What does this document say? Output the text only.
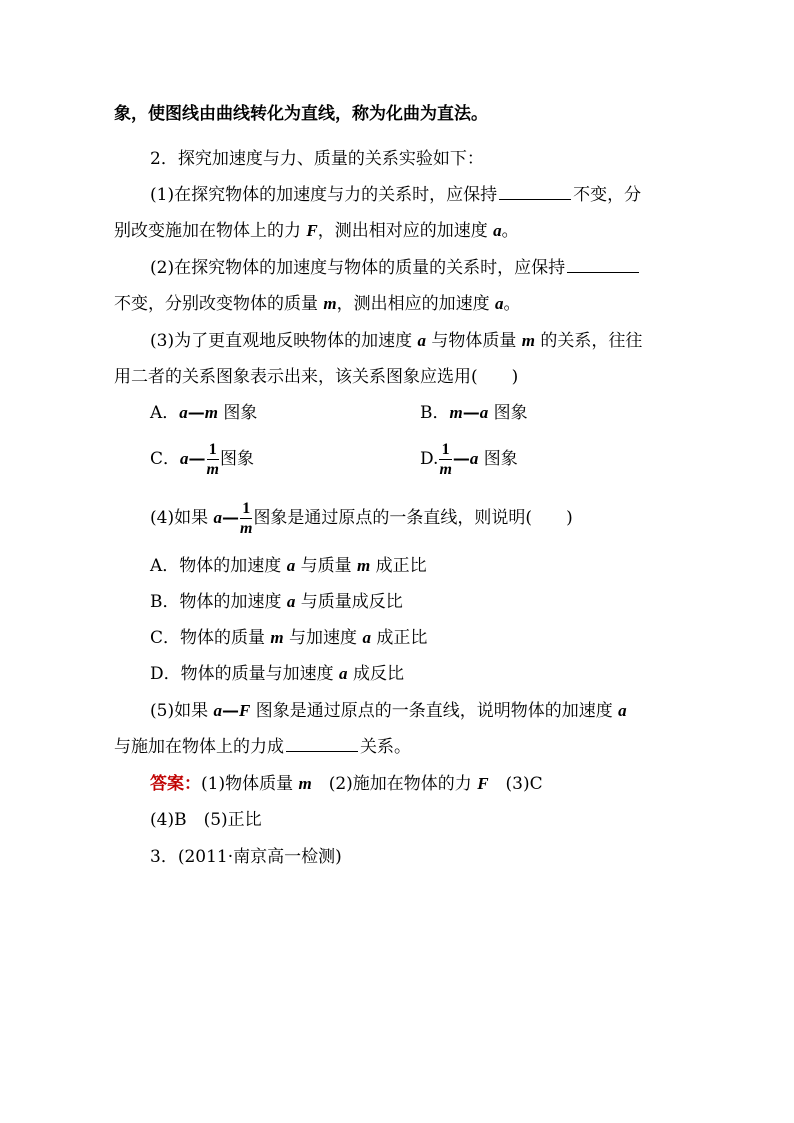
象，使图线由曲线转化为直线，称为化曲为直法。
2．探究加速度与力、质量的关系实验如下：
(1)在探究物体的加速度与力的关系时，应保持	不变，分
别改变施加在物体上的力 F，测出相对应的加速度 a。
(2)在探究物体的加速度与物体的质量的关系时，应保持
不变，分别改变物体的质量 m，测出相应的加速度 a。
(3)为了更直观地反映物体的加速度 a 与物体质量 m 的关系，往往
用二者的关系图象表示出来，该关系图象应选用( )
A．a—m 图象	B．m—a 图象
C．a— $\frac{1}{m}$ 图象	D. $\frac{1}{m}$ —a 图象
(4)如果 a— $\frac{1}{m}$ 图象是通过原点的一条直线，则说明( )
A．物体的加速度 a 与质量 m 成正比
B．物体的加速度 a 与质量成反比
C．物体的质量 m 与加速度 a 成正比
D．物体的质量与加速度 a 成反比
(5)如果 a—F 图象是通过原点的一条直线，说明物体的加速度 a
与施加在物体上的力成	关系。
答案：(1)物体质量 m　(2)施加在物体的力 F　(3)C
(4)B　(5)正比
3．(2011·南京高一检测)
